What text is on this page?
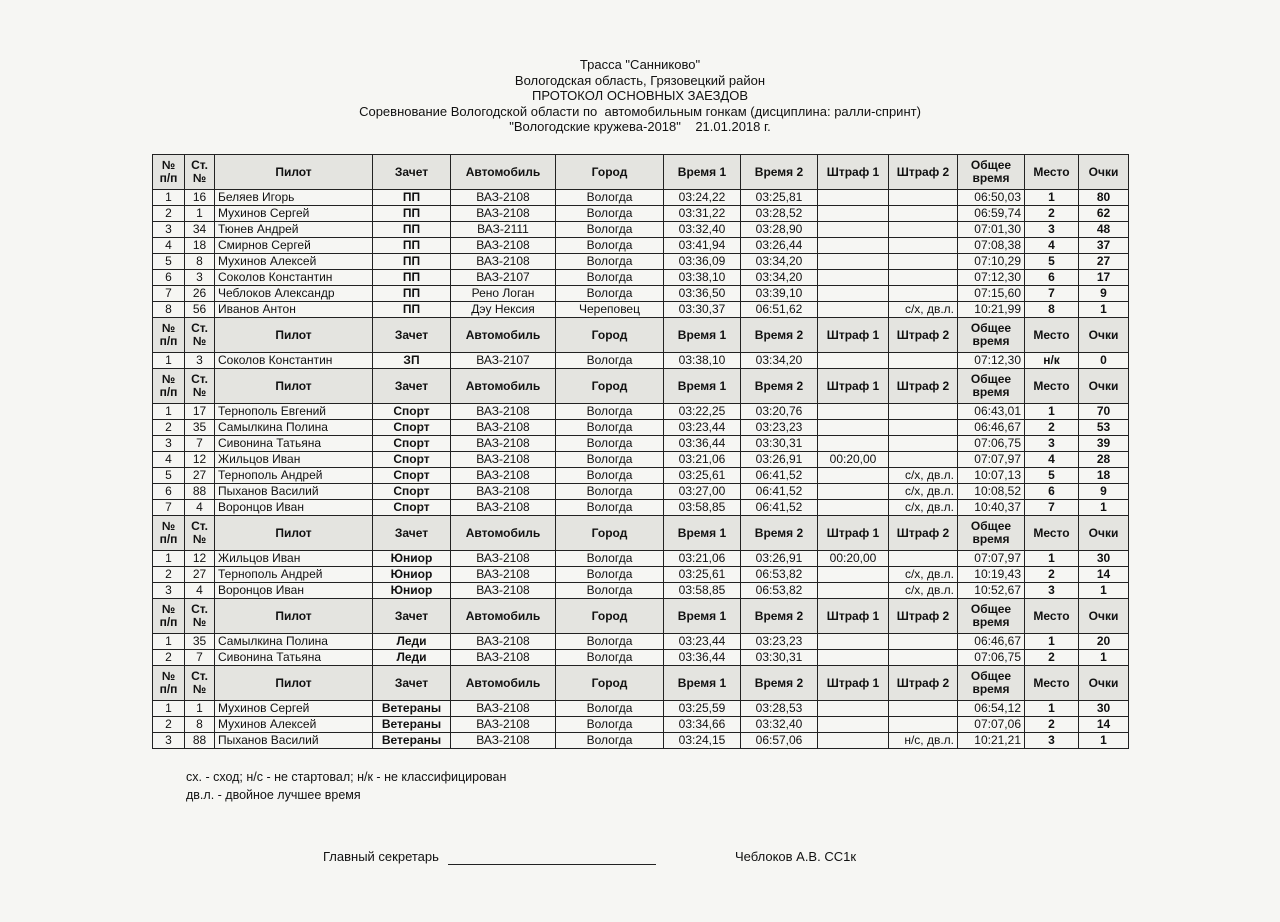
Трасса "Санниково"
Вологодская область, Грязовецкий район
ПРОТОКОЛ ОСНОВНЫХ ЗАЕЗДОВ
Соревнование Вологодской области по  автомобильным гонкам (дисциплина: ралли-спринт)
"Вологодские кружева-2018"    21.01.2018 г.
№ п/п	Ст. №	Пилот	Зачет	Автомобиль	Город	Время 1	Время 2	Штраф 1	Штраф 2	Общее время	Место	Очки
1	16	Беляев Игорь	ПП	ВАЗ-2108	Вологда	03:24,22	03:25,81			06:50,03	1	80
2	1	Мухинов Сергей	ПП	ВАЗ-2108	Вологда	03:31,22	03:28,52			06:59,74	2	62
3	34	Тюнев Андрей	ПП	ВАЗ-2111	Вологда	03:32,40	03:28,90			07:01,30	3	48
4	18	Смирнов Сергей	ПП	ВАЗ-2108	Вологда	03:41,94	03:26,44			07:08,38	4	37
5	8	Мухинов Алексей	ПП	ВАЗ-2108	Вологда	03:36,09	03:34,20			07:10,29	5	27
6	3	Соколов Константин	ПП	ВАЗ-2107	Вологда	03:38,10	03:34,20			07:12,30	6	17
7	26	Чеблоков Александр	ПП	Рено Логан	Вологда	03:36,50	03:39,10			07:15,60	7	9
8	56	Иванов Антон	ПП	Дэу Нексия	Череповец	03:30,37	06:51,62		с/х, дв.л.	10:21,99	8	1
№ п/п	Ст. №	Пилот	Зачет	Автомобиль	Город	Время 1	Время 2	Штраф 1	Штраф 2	Общее время	Место	Очки
1	3	Соколов Константин	ЗП	ВАЗ-2107	Вологда	03:38,10	03:34,20			07:12,30	н/к	0
№ п/п	Ст. №	Пилот	Зачет	Автомобиль	Город	Время 1	Время 2	Штраф 1	Штраф 2	Общее время	Место	Очки
1	17	Тернополь Евгений	Спорт	ВАЗ-2108	Вологда	03:22,25	03:20,76			06:43,01	1	70
2	35	Самылкина Полина	Спорт	ВАЗ-2108	Вологда	03:23,44	03:23,23			06:46,67	2	53
3	7	Сивонина Татьяна	Спорт	ВАЗ-2108	Вологда	03:36,44	03:30,31			07:06,75	3	39
4	12	Жильцов Иван	Спорт	ВАЗ-2108	Вологда	03:21,06	03:26,91	00:20,00		07:07,97	4	28
5	27	Тернополь Андрей	Спорт	ВАЗ-2108	Вологда	03:25,61	06:41,52		с/х, дв.л.	10:07,13	5	18
6	88	Пыханов Василий	Спорт	ВАЗ-2108	Вологда	03:27,00	06:41,52		с/х, дв.л.	10:08,52	6	9
7	4	Воронцов Иван	Спорт	ВАЗ-2108	Вологда	03:58,85	06:41,52		с/х, дв.л.	10:40,37	7	1
№ п/п	Ст. №	Пилот	Зачет	Автомобиль	Город	Время 1	Время 2	Штраф 1	Штраф 2	Общее время	Место	Очки
1	12	Жильцов Иван	Юниор	ВАЗ-2108	Вологда	03:21,06	03:26,91	00:20,00		07:07,97	1	30
2	27	Тернополь Андрей	Юниор	ВАЗ-2108	Вологда	03:25,61	06:53,82		с/х, дв.л.	10:19,43	2	14
3	4	Воронцов Иван	Юниор	ВАЗ-2108	Вологда	03:58,85	06:53,82		с/х, дв.л.	10:52,67	3	1
№ п/п	Ст. №	Пилот	Зачет	Автомобиль	Город	Время 1	Время 2	Штраф 1	Штраф 2	Общее время	Место	Очки
1	35	Самылкина Полина	Леди	ВАЗ-2108	Вологда	03:23,44	03:23,23			06:46,67	1	20
2	7	Сивонина Татьяна	Леди	ВАЗ-2108	Вологда	03:36,44	03:30,31			07:06,75	2	1
№ п/п	Ст. №	Пилот	Зачет	Автомобиль	Город	Время 1	Время 2	Штраф 1	Штраф 2	Общее время	Место	Очки
1	1	Мухинов Сергей	Ветераны	ВАЗ-2108	Вологда	03:25,59	03:28,53			06:54,12	1	30
2	8	Мухинов Алексей	Ветераны	ВАЗ-2108	Вологда	03:34,66	03:32,40			07:07,06	2	14
3	88	Пыханов Василий	Ветераны	ВАЗ-2108	Вологда	03:24,15	06:57,06		н/с, дв.л.	10:21,21	3	1
сх. - сход; н/с - не стартовал; н/к - не классифицирован
дв.л. - двойное лучшее время
Главный секретарь	Чеблоков А.В. СС1к
